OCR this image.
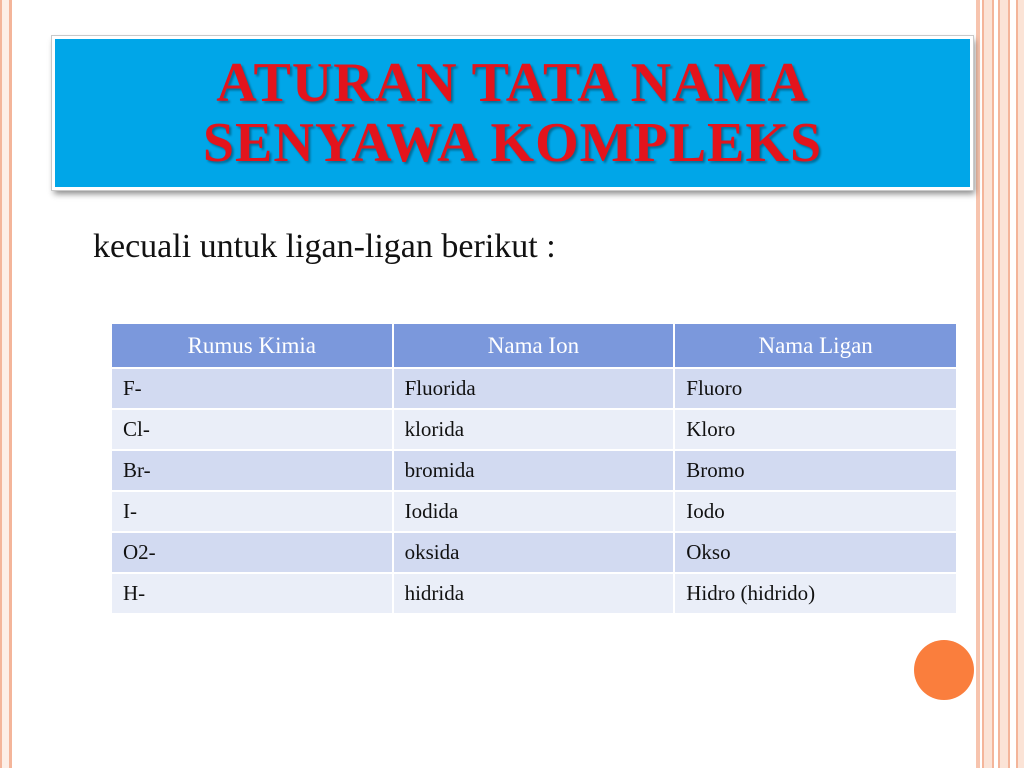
ATURAN TATA NAMA
SENYAWA KOMPLEKS
kecuali untuk ligan-ligan berikut :
Rumus Kimia	Nama Ion	Nama Ligan
F-	Fluorida	Fluoro
Cl-	klorida	Kloro
Br-	bromida	Bromo
I-	Iodida	Iodo
O2-	oksida	Okso
H-	hidrida	Hidro (hidrido)
